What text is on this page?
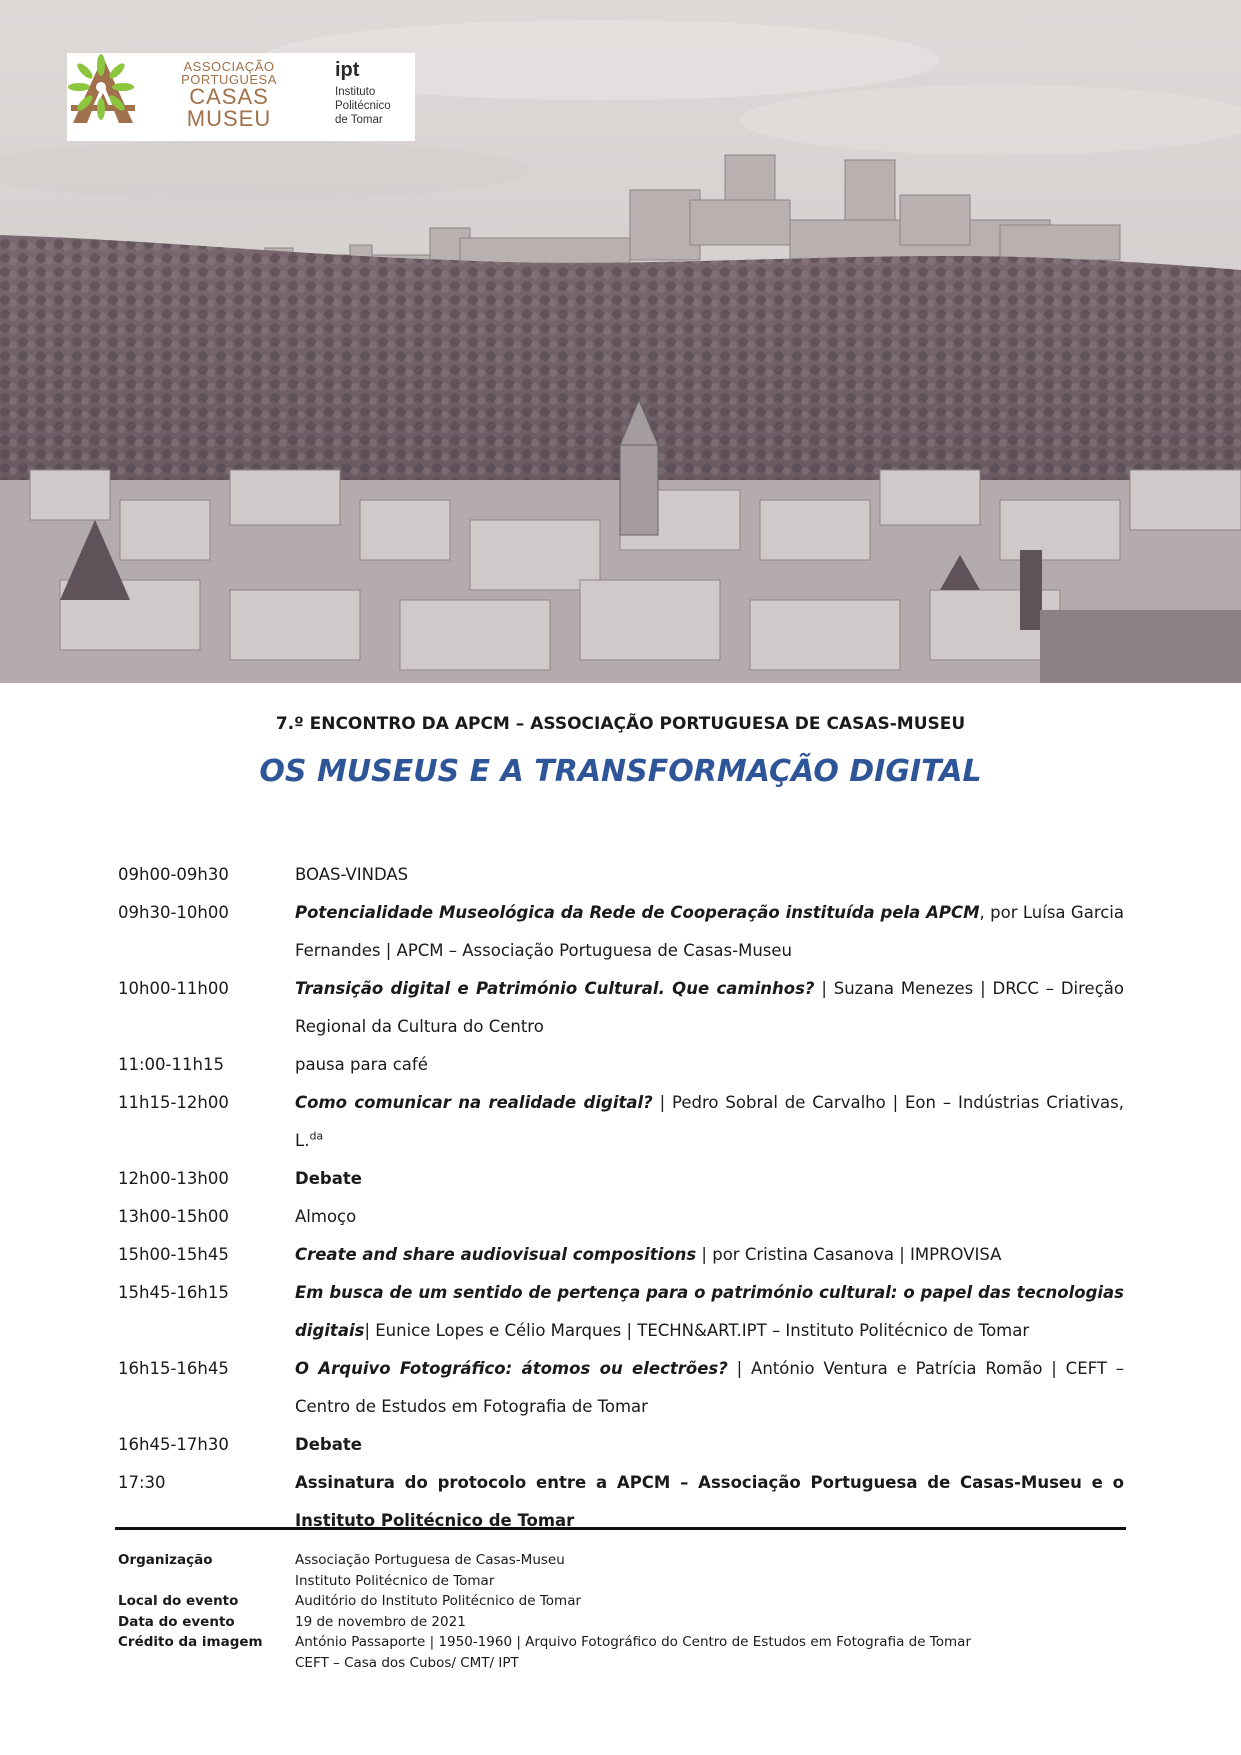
ASSOCIAÇÃO
PORTUGUESA
CASAS
MUSEU
ipt
Instituto
Politécnico
de Tomar
7.º ENCONTRO DA APCM – ASSOCIAÇÃO PORTUGUESA DE CASAS-MUSEU
OS MUSEUS E A TRANSFORMAÇÃO DIGITAL
09h00-09h30	BOAS-VINDAS
09h30-10h00	Potencialidade Museológica da Rede de Cooperação instituída pela APCM, por Luísa Garcia Fernandes | APCM – Associação Portuguesa de Casas-Museu
10h00-11h00	Transição digital e Património Cultural. Que caminhos? | Suzana Menezes | DRCC – Direção Regional da Cultura do Centro
11:00-11h15	pausa para café
11h15-12h00	Como comunicar na realidade digital? | Pedro Sobral de Carvalho | Eon – Indústrias Criativas, L.$^{da}$
12h00-13h00	Debate
13h00-15h00	Almoço
15h00-15h45	Create and share audiovisual compositions | por Cristina Casanova | IMPROVISA
15h45-16h15	Em busca de um sentido de pertença para o património cultural: o papel das tecnologias digitais| Eunice Lopes e Célio Marques | TECHN&ART.IPT – Instituto Politécnico de Tomar
16h15-16h45	O Arquivo Fotográfico: átomos ou electrões? | António Ventura e Patrícia Romão | CEFT – Centro de Estudos em Fotografia de Tomar
16h45-17h30	Debate
17:30	Assinatura do protocolo entre a APCM – Associação Portuguesa de Casas-Museu e o Instituto Politécnico de Tomar
Organização	Associação Portuguesa de Casas-Museu
Instituto Politécnico de Tomar
Local do evento	Auditório do Instituto Politécnico de Tomar
Data do evento	19 de novembro de 2021
Crédito da imagem	António Passaporte | 1950-1960 | Arquivo Fotográfico do Centro de Estudos em Fotografia de Tomar
CEFT – Casa dos Cubos/ CMT/ IPT
